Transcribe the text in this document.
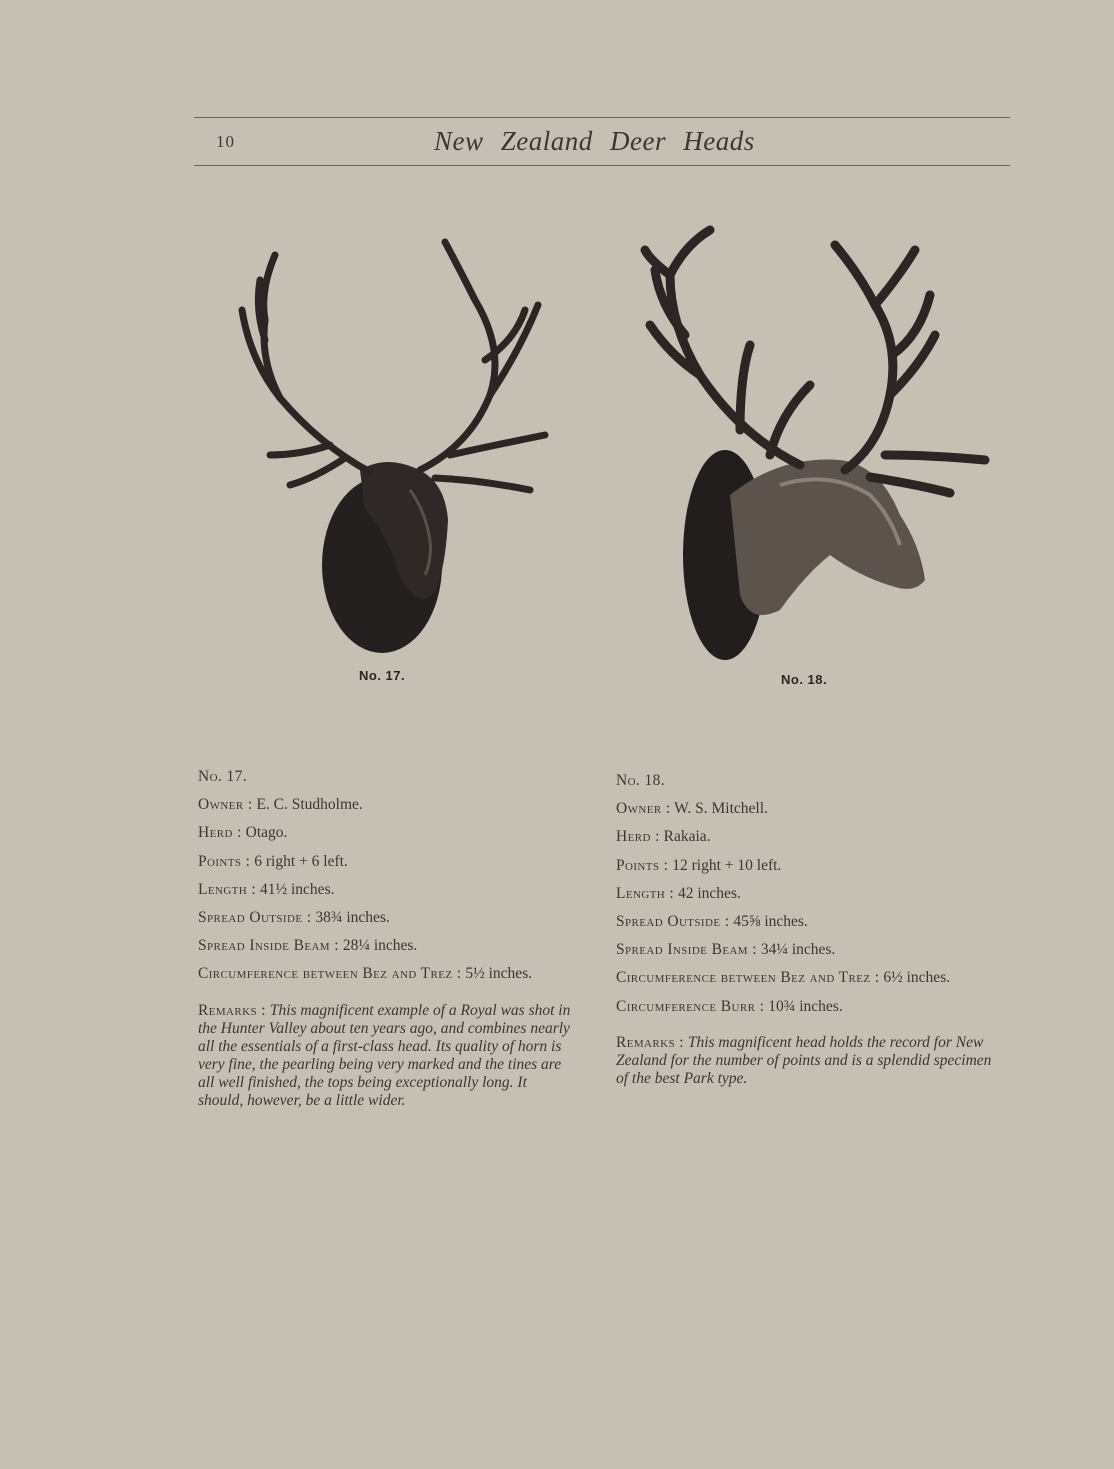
10	New Zealand Deer Heads
No. 17.	No. 18.
No. 17.
Owner : E. C. Studholme.
Herd : Otago.
Points : 6 right + 6 left.
Length : 41½ inches.
Spread Outside : 38¾ inches.
Spread Inside Beam : 28¼ inches.
Circumference between Bez and Trez : 5½ inches.
Remarks : This magnificent example of a Royal was shot in the Hunter Valley about ten years ago, and combines nearly all the essentials of a first-class head. Its quality of horn is very fine, the pearling being very marked and the tines are all well finished, the tops being exceptionally long. It should, however, be a little wider.
No. 18.
Owner : W. S. Mitchell.
Herd : Rakaia.
Points : 12 right + 10 left.
Length : 42 inches.
Spread Outside : 45⅝ inches.
Spread Inside Beam : 34¼ inches.
Circumference between Bez and Trez : 6½ inches.
Circumference Burr : 10¾ inches.
Remarks : This magnificent head holds the record for New Zealand for the number of points and is a splendid specimen of the best Park type.
